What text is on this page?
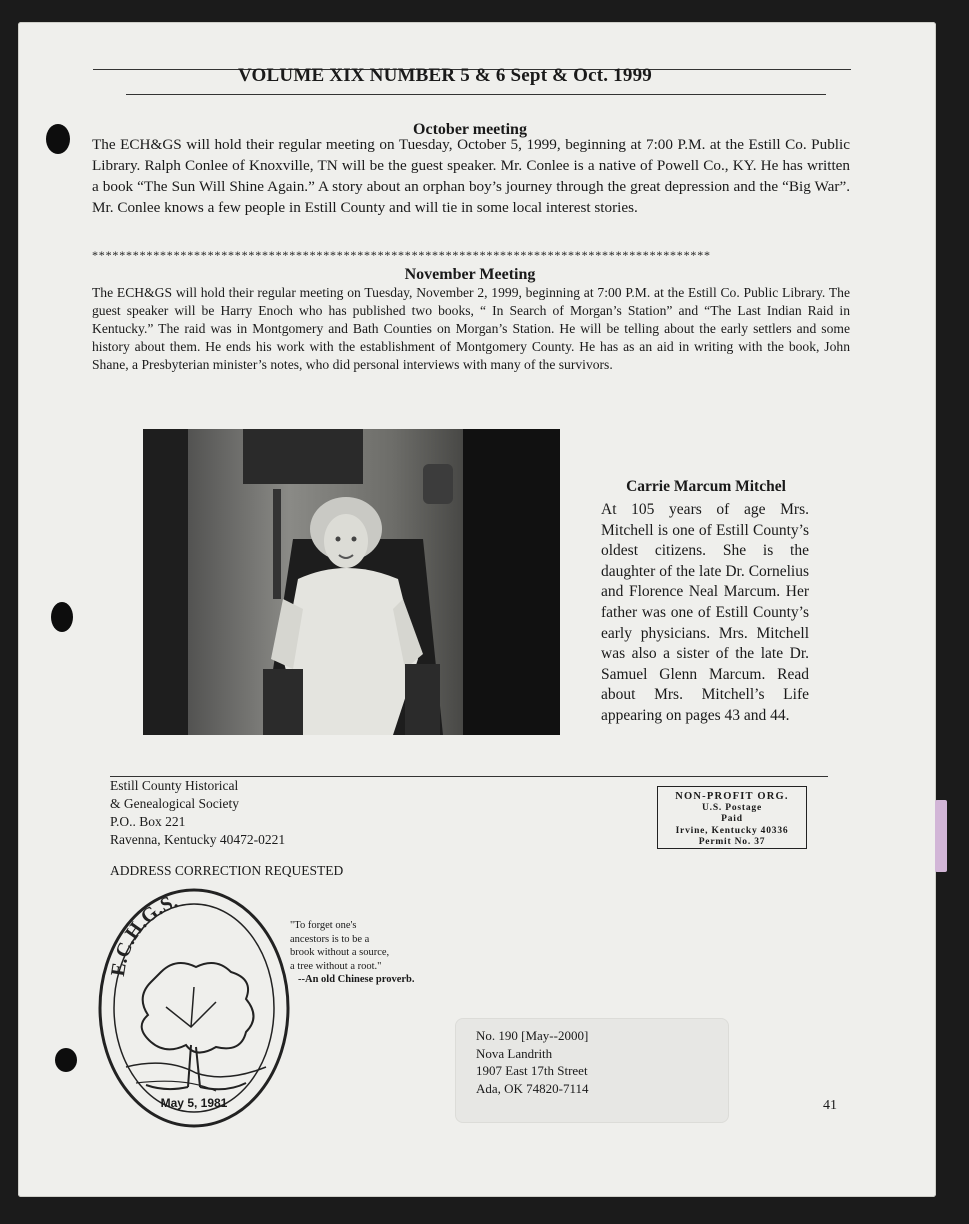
VOLUME XIX NUMBER 5 & 6 Sept & Oct. 1999
October meeting

The ECH&GS will hold their regular meeting on Tuesday, October 5, 1999, beginning at 7:00 P.M. at the Estill Co. Public Library. Ralph Conlee of Knoxville, TN will be the guest speaker. Mr. Conlee is a native of Powell Co., KY. He has written a book “The Sun Will Shine Again.” A story about an orphan boy’s journey through the great depression and the “Big War”. Mr. Conlee knows a few people in Estill County and will tie in some local interest stories.

*******************************************************************************************
November Meeting

The ECH&GS will hold their regular meeting on Tuesday, November 2, 1999, beginning at 7:00 P.M. at the Estill Co. Public Library. The guest speaker will be Harry Enoch who has published two books, “ In Search of Morgan’s Station” and “The Last Indian Raid in Kentucky.” The raid was in Montgomery and Bath Counties on Morgan’s Station. He will be telling about the early settlers and some history about them. He ends his work with the establishment of Montgomery County. He has as an aid in writing with the book, John Shane, a Presbyterian minister’s notes, who did personal interviews with many of the survivors.

Carrie Marcum Mitchel
At 105 years of age Mrs. Mitchell is one of Estill County’s oldest citizens. She is the daughter of the late Dr. Cornelius and Florence Neal Marcum. Her father was one of Estill County’s early physicians. Mrs. Mitchell was also a sister of the late Dr. Samuel Glenn Marcum. Read about Mrs. Mitchell’s Life appearing on pages 43 and 44.
Estill County Historical
& Genealogical Society
P.O.. Box 221
Ravenna, Kentucky 40472-0221
NON-PROFIT ORG.
U.S. Postage
Paid
Irvine, Kentucky 40336
Permit No. 37
ADDRESS CORRECTION REQUESTED
E.C.H.G.S.
May 5, 1981
"To forget one's
ancestors is to be a
brook without a source,
a tree without a root."
--An old Chinese proverb.
No. 190 [May--2000]
Nova Landrith
1907 East 17th Street
Ada, OK 74820-7114
41
